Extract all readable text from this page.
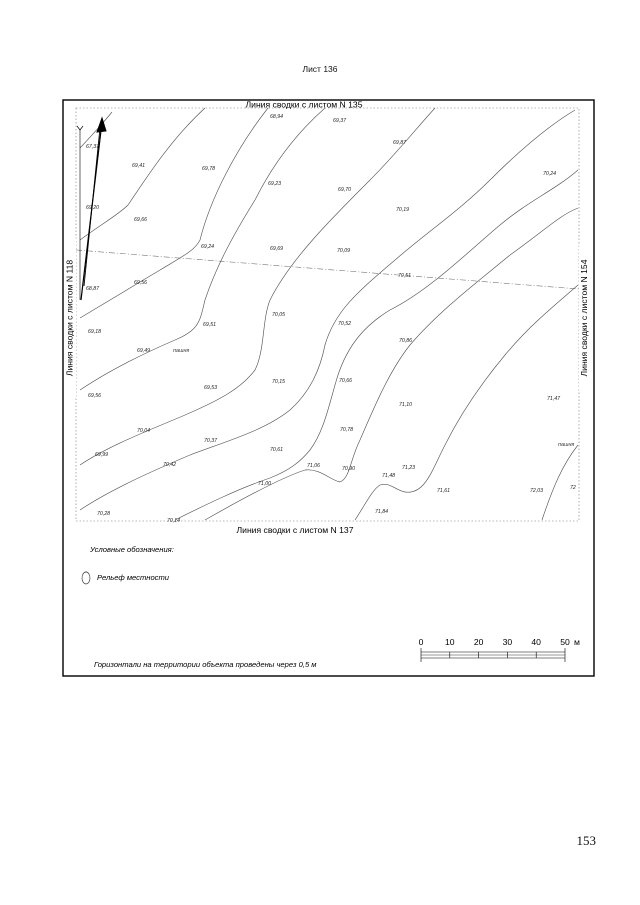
Лист 136
Линия сводки с листом N 135
Линия сводки с листом N 137
Линия сводки с листом N 118	Линия сводки с листом N 154
пашня
пашня
67,37
68,94
69,37
69,87
70,24
69,41	69,78
69,23
69,70
70,19
69,20
69,66
69,24	69,69	70,09
68,87
69,56
70,51
69,18
69,51
70,05
70,52
70,86
69,49
69,53
70,15	70,66
71,10
71,47
69,56
70,04
70,37
70,78
69,99
70,42
70,61
71,06	70,90	71,23
71,00
71,48
71,61	72,03	72
70,28
70,14
71,84
Условные обозначения:
Рельеф местности
Горизонтали на территории объекта проведены через 0,5 м
0	10 20 30 40 50 м
153
